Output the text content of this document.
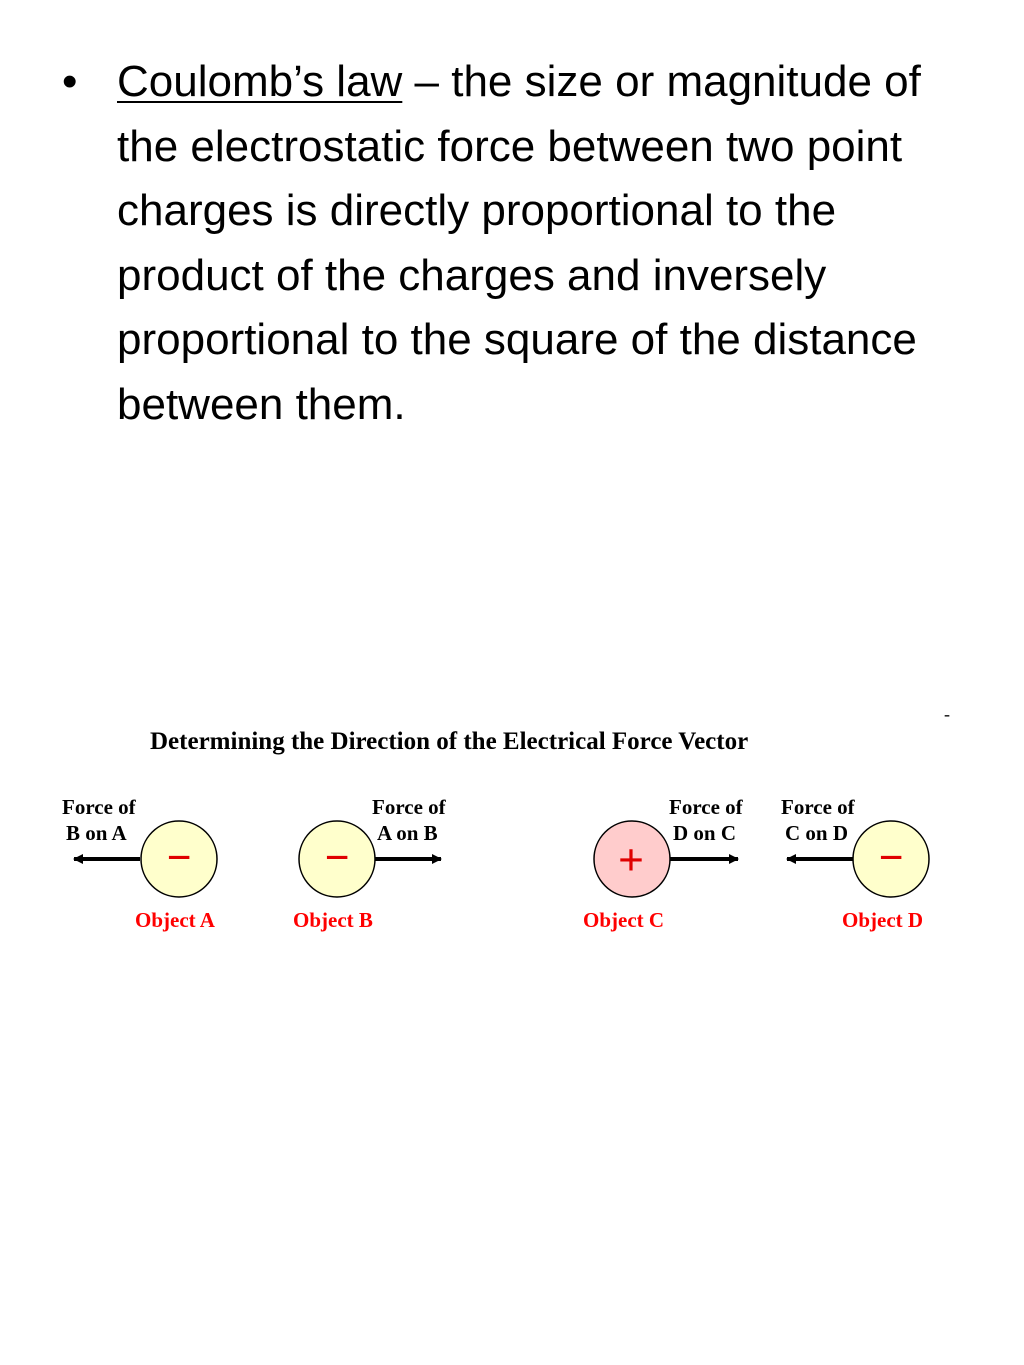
• Coulomb’s law – the size or magnitude of the electrostatic force between two point charges is directly proportional to the product of the charges and inversely proportional to the square of the distance between them.
Determining the Direction of the Electrical Force Vector
-
Force of
B on A −
Object A
Force of
A on B
−
Object B
Force of
D on C
+
Object C
Force of
C on D −
Object D
